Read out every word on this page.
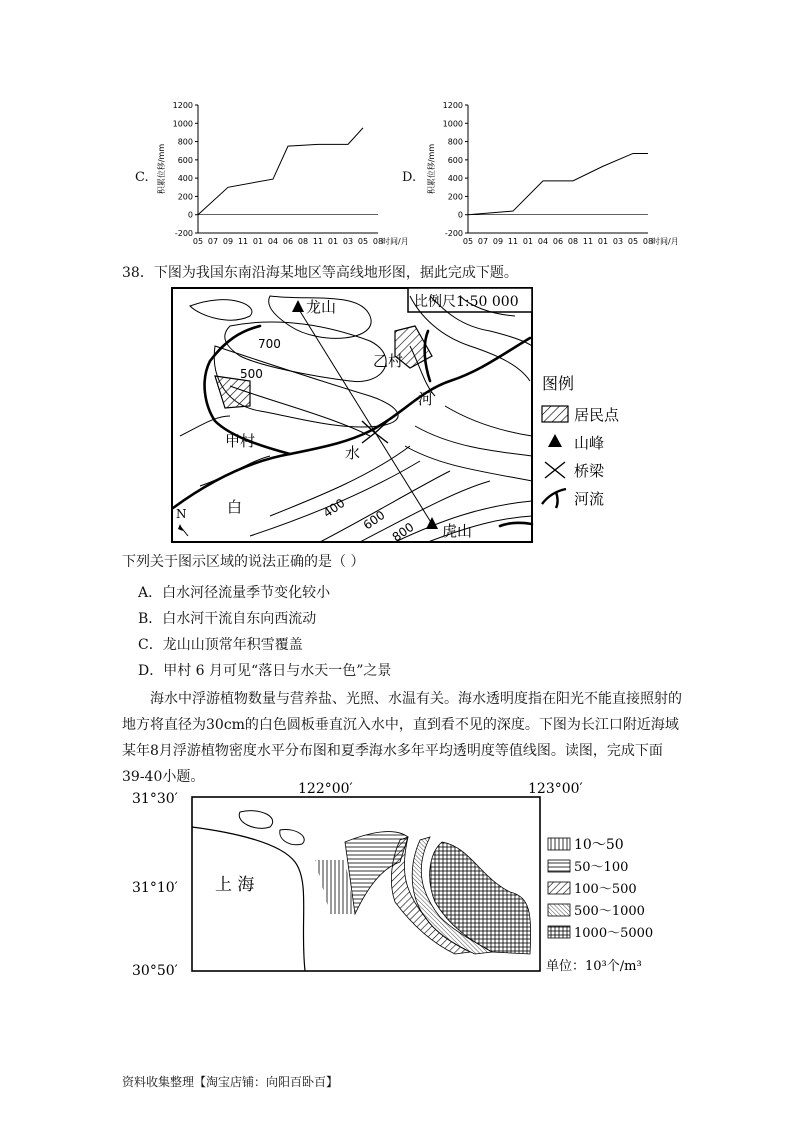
C.
-200
0
200
400
600
800
1000
1200
05 07 09 11 01 04 06 08 11 01 03 05 08
时间/月
积累位移/mm	D.
-200
0
200
400
600
800
1000
1200
05 07 09 11 01 04 06 08 11 01 03 05 08
时间/月
积累位移/mm
38．下图为我国东南沿海某地区等高线地形图，据此完成下题。
比例尺1:50 000
龙山
虎山
乙村
甲村
河
水
白
N
700
500
400 600 800
图例
居民点
山峰
桥梁
河流
下列关于图示区域的说法正确的是（ ）
A．白水河径流量季节变化较小
B．白水河干流自东向西流动
C．龙山山顶常年积雪覆盖
D．甲村 6 月可见“落日与水天一色”之景
海水中浮游植物数量与营养盐、光照、水温有关。海水透明度指在阳光不能直接照射的地方将直径为30cm的白色圆板垂直沉入水中，直到看不见的深度。下图为长江口附近海域某年8月浮游植物密度水平分布图和夏季海水多年平均透明度等值线图。读图，完成下面39-40小题。
122°00′	123°00′
31°30′
31°10′
30°50′
上 海
10～50
50～100
100～500
500～1000
1000～5000
单位：10³个/m³
资料收集整理【淘宝店铺：向阳百卧百】
